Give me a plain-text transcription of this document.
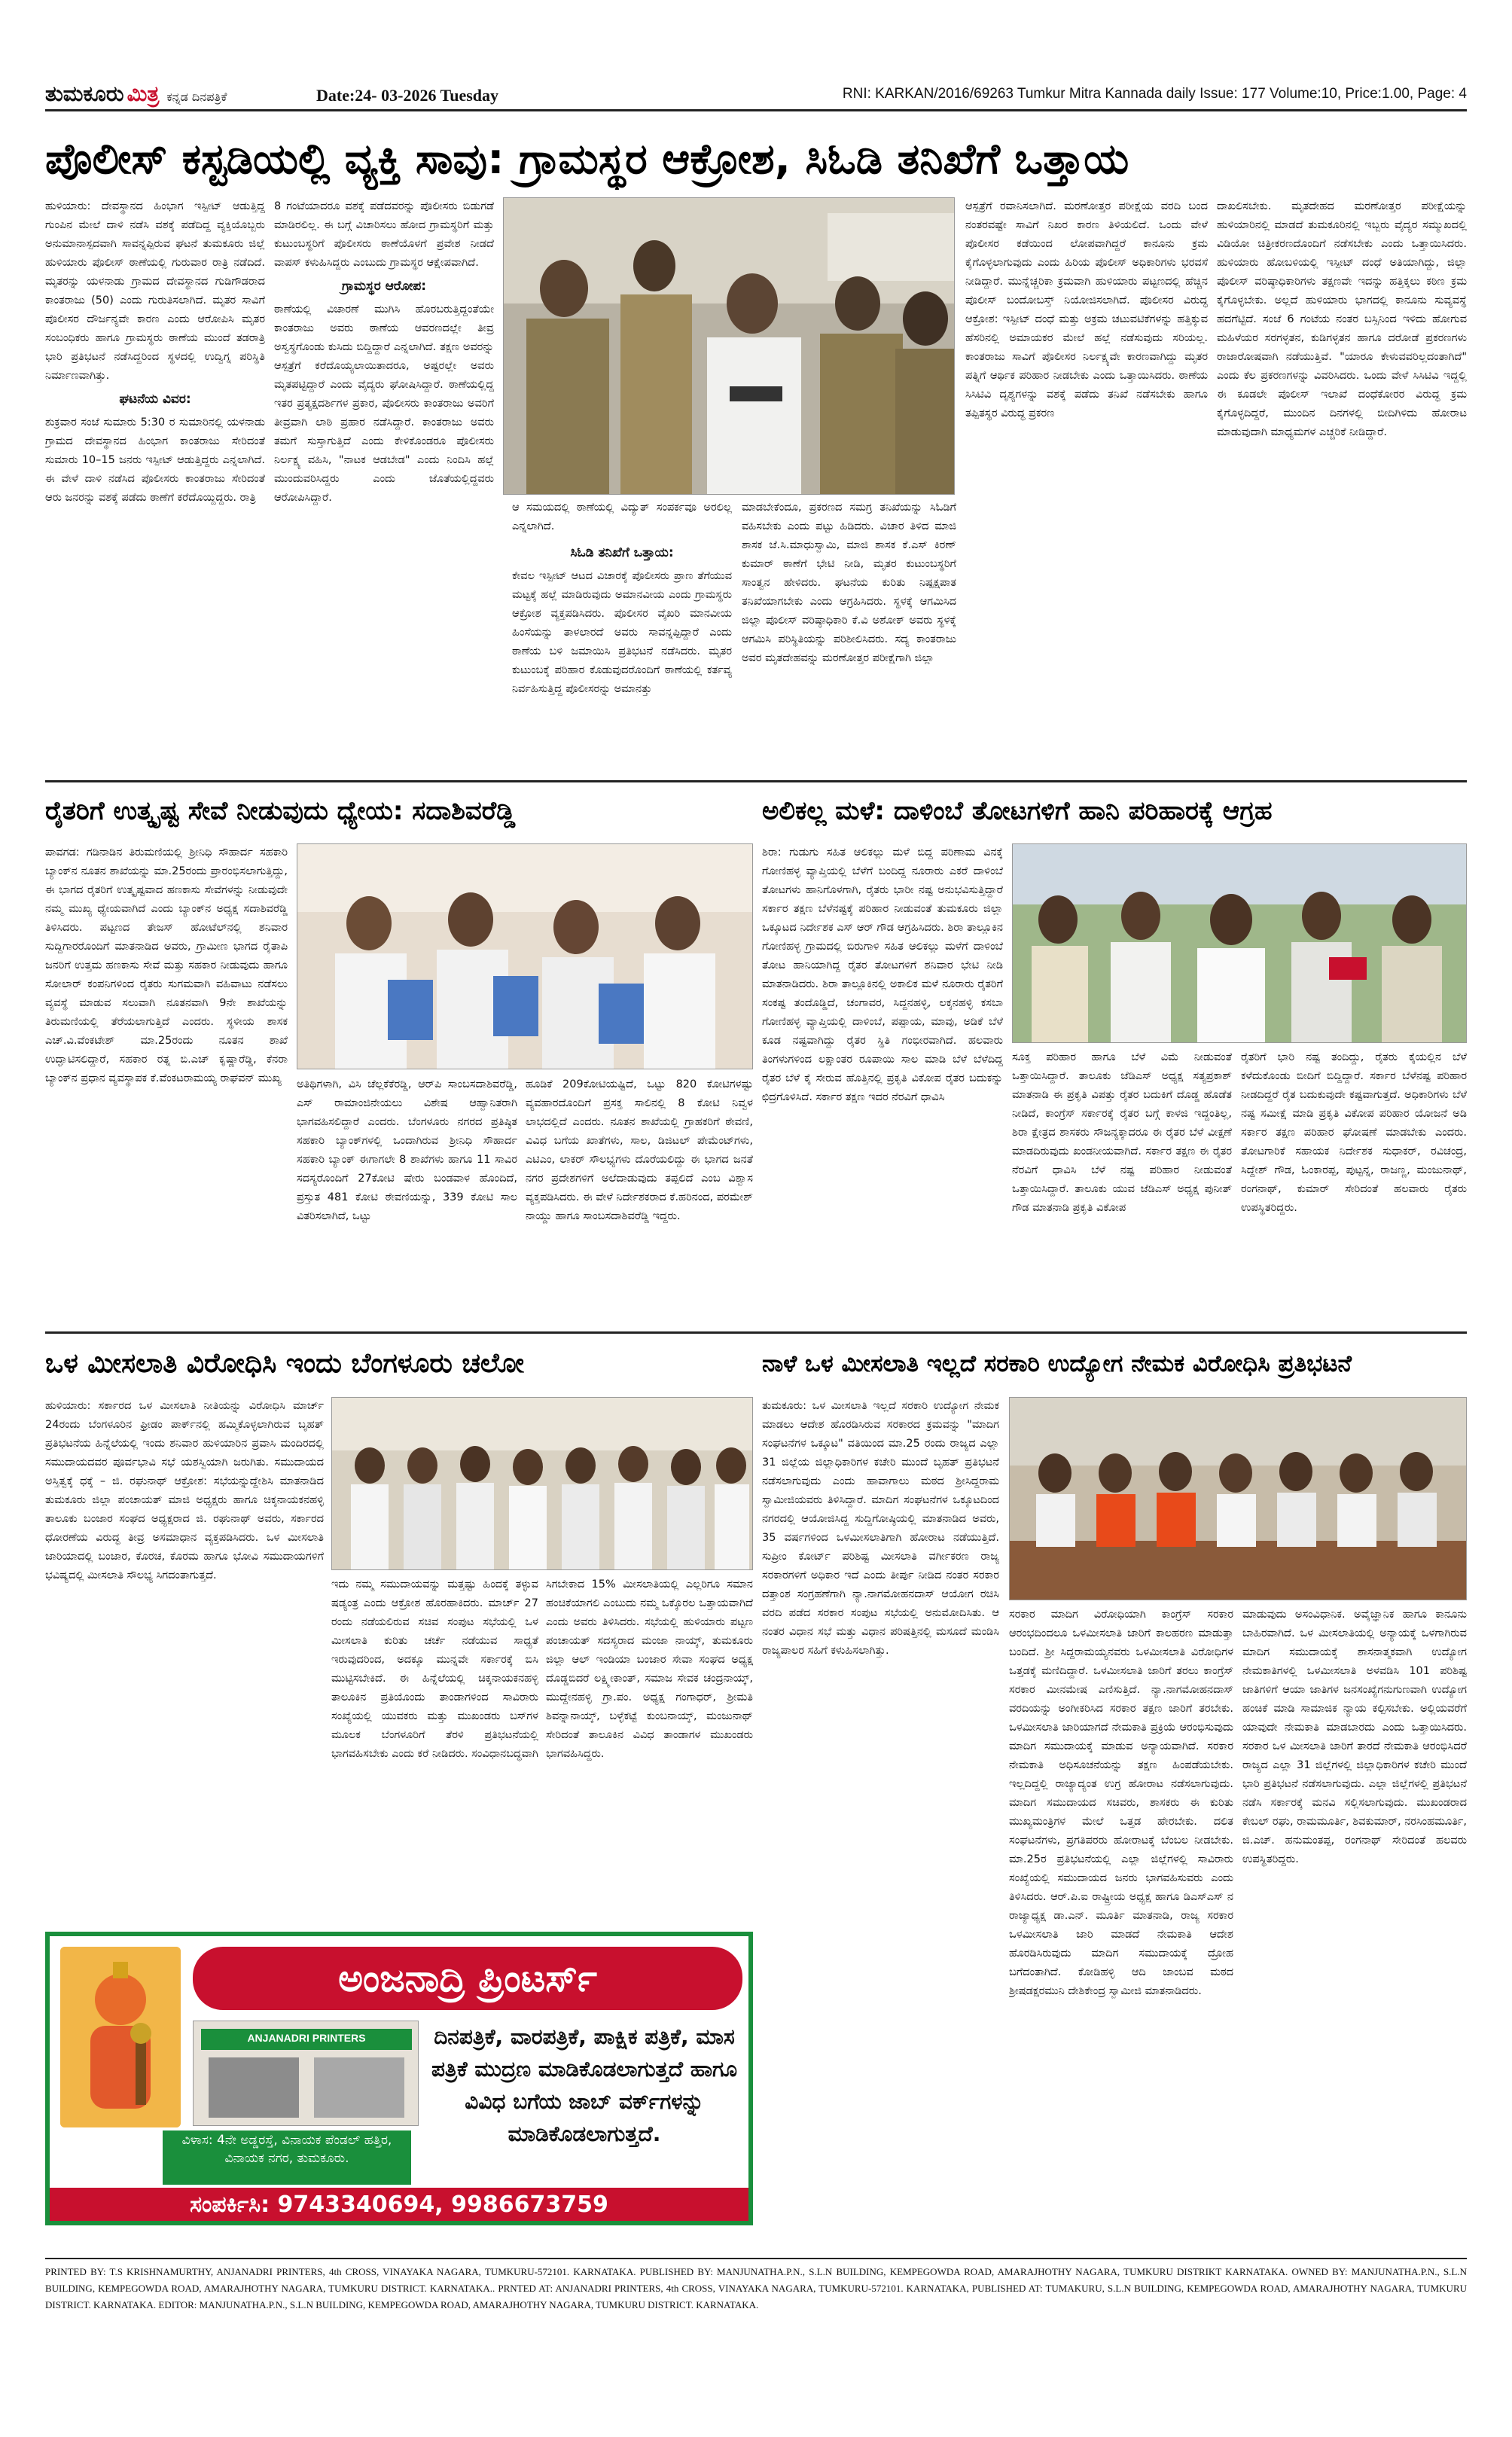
ತುಮಕೂರು ಮಿತ್ರ ಕನ್ನಡ ದಿನಪತ್ರಿಕೆ	Date:24- 03-2026 Tuesday	RNI: KARKAN/2016/69263 Tumkur Mitra Kannada daily Issue: 177 Volume:10, Price:1.00, Page: 4
ಪೊಲೀಸ್ ಕಸ್ಟಡಿಯಲ್ಲಿ ವ್ಯಕ್ತಿ ಸಾವು: ಗ್ರಾಮಸ್ಥರ ಆಕ್ರೋಶ, ಸಿಓಡಿ ತನಿಖೆಗೆ ಒತ್ತಾಯ

ಹುಳಿಯಾರು: ದೇವಸ್ಥಾನದ ಹಿಂಭಾಗ ಇಸ್ಪೀಟ್ ಆಡುತ್ತಿದ್ದ ಗುಂಪಿನ ಮೇಲೆ ದಾಳಿ ನಡೆಸಿ ವಶಕ್ಕೆ ಪಡೆದಿದ್ದ ವ್ಯಕ್ತಿಯೊಬ್ಬರು ಅನುಮಾನಾಸ್ಪದವಾಗಿ ಸಾವನ್ನಪ್ಪಿರುವ ಘಟನೆ ತುಮಕೂರು ಜಿಲ್ಲೆ ಹುಳಿಯಾರು ಪೊಲೀಸ್ ಠಾಣೆಯಲ್ಲಿ ಗುರುವಾರ ರಾತ್ರಿ ನಡೆದಿದೆ. ಮೃತರನ್ನು ಯಳನಾಡು ಗ್ರಾಮದ ದೇವಸ್ಥಾನದ ಗುಡಿಗೌಡರಾದ ಕಾಂತರಾಜು (50) ಎಂದು ಗುರುತಿಸಲಾಗಿದೆ. ಮೃತರ ಸಾವಿಗೆ ಪೊಲೀಸರ ದೌರ್ಜನ್ಯವೇ ಕಾರಣ ಎಂದು ಆರೋಪಿಸಿ ಮೃತರ ಸಂಬಂಧಿಕರು ಹಾಗೂ ಗ್ರಾಮಸ್ಥರು ಠಾಣೆಯ ಮುಂದೆ ತಡರಾತ್ರಿ ಭಾರಿ ಪ್ರತಿಭಟನೆ ನಡೆಸಿದ್ದರಿಂದ ಸ್ಥಳದಲ್ಲಿ ಉದ್ವಿಗ್ನ ಪರಿಸ್ಥಿತಿ ನಿರ್ಮಾಣವಾಗಿತ್ತು.

ಘಟನೆಯ ವಿವರ:

ಶುಕ್ರವಾರ ಸಂಜೆ ಸುಮಾರು 5:30 ರ ಸುಮಾರಿನಲ್ಲಿ ಯಳನಾಡು ಗ್ರಾಮದ ದೇವಸ್ಥಾನದ ಹಿಂಭಾಗ ಕಾಂತರಾಜು ಸೇರಿದಂತೆ ಸುಮಾರು 10–15 ಜನರು ಇಸ್ಪೀಟ್ ಆಡುತ್ತಿದ್ದರು ಎನ್ನಲಾಗಿದೆ. ಈ ವೇಳೆ ದಾಳಿ ನಡೆಸಿದ ಪೊಲೀಸರು ಕಾಂತರಾಜು ಸೇರಿದಂತೆ ಆರು ಜನರನ್ನು ವಶಕ್ಕೆ ಪಡೆದು ಠಾಣೆಗೆ ಕರೆದೊಯ್ದಿದ್ದರು. ರಾತ್ರಿ

8 ಗಂಟೆಯಾದರೂ ವಶಕ್ಕೆ ಪಡೆದವರನ್ನು ಪೊಲೀಸರು ಬಿಡುಗಡೆ ಮಾಡಿರಲಿಲ್ಲ. ಈ ಬಗ್ಗೆ ವಿಚಾರಿಸಲು ಹೋದ ಗ್ರಾಮಸ್ಥರಿಗೆ ಮತ್ತು ಕುಟುಂಬಸ್ಥರಿಗೆ ಪೊಲೀಸರು ಠಾಣೆಯೊಳಗೆ ಪ್ರವೇಶ ನೀಡದೆ ವಾಪಸ್ ಕಳುಹಿಸಿದ್ದರು ಎಂಬುದು ಗ್ರಾಮಸ್ಥರ ಆಕ್ಷೇಪವಾಗಿದೆ.

ಗ್ರಾಮಸ್ಥರ ಆರೋಪ:

ಠಾಣೆಯಲ್ಲಿ ವಿಚಾರಣೆ ಮುಗಿಸಿ ಹೊರಬರುತ್ತಿದ್ದಂತೆಯೇ ಕಾಂತರಾಜು ಅವರು ಠಾಣೆಯ ಆವರಣದಲ್ಲೇ ತೀವ್ರ ಅಸ್ವಸ್ಥಗೊಂಡು ಕುಸಿದು ಬಿದ್ದಿದ್ದಾರೆ ಎನ್ನಲಾಗಿದೆ. ತಕ್ಷಣ ಅವರನ್ನು ಆಸ್ಪತ್ರೆಗೆ ಕರೆದೊಯ್ಯಲಾಯಿತಾದರೂ, ಅಷ್ಟರಲ್ಲೇ ಅವರು ಮೃತಪಟ್ಟಿದ್ದಾರೆ ಎಂದು ವೈದ್ಯರು ಘೋಷಿಸಿದ್ದಾರೆ. ಠಾಣೆಯಲ್ಲಿದ್ದ ಇತರ ಪ್ರತ್ಯಕ್ಷದರ್ಶಿಗಳ ಪ್ರಕಾರ, ಪೊಲೀಸರು ಕಾಂತರಾಜು ಅವರಿಗೆ ತೀವ್ರವಾಗಿ ಲಾಠಿ ಪ್ರಹಾರ ನಡೆಸಿದ್ದಾರೆ. ಕಾಂತರಾಜು ಅವರು ತಮಗೆ ಸುಸ್ತಾಗುತ್ತಿದೆ ಎಂದು ಕೇಳಿಕೊಂಡರೂ ಪೊಲೀಸರು ನಿರ್ಲಕ್ಷ್ಯ ವಹಿಸಿ, "ನಾಟಕ ಆಡಬೇಡ" ಎಂದು ನಿಂದಿಸಿ ಹಲ್ಲೆ ಮುಂದುವರಿಸಿದ್ದರು ಎಂದು ಜೊತೆಯಲ್ಲಿದ್ದವರು ಆರೋಪಿಸಿದ್ದಾರೆ.

ಆ ಸಮಯದಲ್ಲಿ ಠಾಣೆಯಲ್ಲಿ ವಿದ್ಯುತ್ ಸಂಪರ್ಕವೂ ಅರಲಿಲ್ಲ ಎನ್ನಲಾಗಿದೆ.
ಸಿಓಡಿ ತನಿಖೆಗೆ ಒತ್ತಾಯ:

ಕೇವಲ ಇಸ್ಪೀಟ್ ಆಟದ ವಿಚಾರಕ್ಕೆ ಪೊಲೀಸರು ಪ್ರಾಣ ತೆಗೆಯುವ ಮಟ್ಟಕ್ಕೆ ಹಲ್ಲೆ ಮಾಡಿರುವುದು ಅಮಾನವೀಯ ಎಂದು ಗ್ರಾಮಸ್ಥರು ಆಕ್ರೋಶ ವ್ಯಕ್ತಪಡಿಸಿದರು. ಪೊಲೀಸರ ವೈಖರಿ ಮಾನವೀಯ ಹಿಂಸೆಯನ್ನು ತಾಳಲಾರದೆ ಅವರು ಸಾವನ್ನಪ್ಪಿದ್ದಾರೆ ಎಂದು ಠಾಣೆಯ ಬಳಿ ಜಮಾಯಿಸಿ ಪ್ರತಿಭಟನೆ ನಡೆಸಿದರು. ಮೃತರ ಕುಟುಂಬಕ್ಕೆ ಪರಿಹಾರ ಕೊಡುವುದರೊಂದಿಗೆ ಠಾಣೆಯಲ್ಲಿ ಕರ್ತವ್ಯ ನಿರ್ವಹಿಸುತ್ತಿದ್ದ ಪೊಲೀಸರನ್ನು ಅಮಾನತ್ತು

ಮಾಡಬೇಕೆಂದೂ, ಪ್ರಕರಣದ ಸಮಗ್ರ ತನಿಖೆಯನ್ನು ಸಿಓಡಿಗೆ ವಹಿಸಬೇಕು ಎಂದು ಪಟ್ಟು ಹಿಡಿದರು. ವಿಚಾರ ತಿಳಿದ ಮಾಜಿ ಶಾಸಕ ಜೆ.ಸಿ.ಮಾಧುಸ್ವಾಮಿ, ಮಾಜಿ ಶಾಸಕ ಕೆ.ಎಸ್ ಕಿರಣ್ ಕುಮಾರ್ ಠಾಣೆಗೆ ಭೇಟಿ ನೀಡಿ, ಮೃತರ ಕುಟುಂಬಸ್ಥರಿಗೆ ಸಾಂತ್ವನ ಹೇಳಿದರು. ಘಟನೆಯ ಕುರಿತು ನಿಷ್ಪಕ್ಷಪಾತ ತನಿಖೆಯಾಗಬೇಕು ಎಂದು ಆಗ್ರಹಿಸಿದರು. ಸ್ಥಳಕ್ಕೆ ಆಗಮಿಸಿದ ಜಿಲ್ಲಾ ಪೊಲೀಸ್ ವರಿಷ್ಠಾಧಿಕಾರಿ ಕೆ.ವಿ ಅಶೋಕ್ ಅವರು ಸ್ಥಳಕ್ಕೆ ಆಗಮಿಸಿ ಪರಿಸ್ಥಿತಿಯನ್ನು ಪರಿಶೀಲಿಸಿದರು. ಸದ್ಯ ಕಾಂತರಾಜು ಅವರ ಮೃತದೇಹವನ್ನು ಮರಣೋತ್ತರ ಪರೀಕ್ಷೆಗಾಗಿ ಜಿಲ್ಲಾ

ಆಸ್ಪತ್ರೆಗೆ ರವಾನಿಸಲಾಗಿದೆ. ಮರಣೋತ್ತರ ಪರೀಕ್ಷೆಯ ವರದಿ ಬಂದ ನಂತರವಷ್ಟೇ ಸಾವಿಗೆ ನಿಖರ ಕಾರಣ ತಿಳಿಯಲಿದೆ. ಒಂದು ವೇಳೆ ಪೊಲೀಸರ ಕಡೆಯಿಂದ ಲೋಪವಾಗಿದ್ದರೆ ಕಾನೂನು ಕ್ರಮ ಕೈಗೊಳ್ಳಲಾಗುವುದು ಎಂದು ಹಿರಿಯ ಪೊಲೀಸ್ ಅಧಿಕಾರಿಗಳು ಭರವಸೆ ನೀಡಿದ್ದಾರೆ. ಮುನ್ನೆಚ್ಚರಿಕಾ ಕ್ರಮವಾಗಿ ಹುಳಿಯಾರು ಪಟ್ಟಣದಲ್ಲಿ ಹೆಚ್ಚಿನ ಪೊಲೀಸ್ ಬಂದೋಬಸ್ತ್ ನಿಯೋಜಿಸಲಾಗಿದೆ. ಪೊಲೀಸರ ವಿರುದ್ಧ ಆಕ್ರೋಶ: ಇಸ್ಪೀಟ್ ದಂಧೆ ಮತ್ತು ಅಕ್ರಮ ಚಟುವಟಿಕೆಗಳನ್ನು ಹತ್ತಿಕ್ಕುವ ಹೆಸರಿನಲ್ಲಿ ಅಮಾಯಕರ ಮೇಲೆ ಹಲ್ಲೆ ನಡೆಸುವುದು ಸರಿಯಲ್ಲ. ಕಾಂತರಾಜು ಸಾವಿಗೆ ಪೊಲೀಸರ ನಿರ್ಲಕ್ಷ್ಯವೇ ಕಾರಣವಾಗಿದ್ದು ಮೃತರ ಪತ್ನಿಗೆ ಆರ್ಥಿಕ ಪರಿಹಾರ ನೀಡಬೇಕು ಎಂದು ಒತ್ತಾಯಿಸಿದರು. ಠಾಣೆಯ ಸಿಸಿಟಿವಿ ದೃಶ್ಯಗಳನ್ನು ವಶಕ್ಕೆ ಪಡೆದು ತನಿಖೆ ನಡೆಸಬೇಕು ಹಾಗೂ ತಪ್ಪಿತಸ್ಥರ ವಿರುದ್ಧ ಪ್ರಕರಣ

ದಾಖಲಿಸಬೇಕು. ಮೃತದೇಹದ ಮರಣೋತ್ತರ ಪರೀಕ್ಷೆಯನ್ನು ಹುಳಿಯಾರಿನಲ್ಲಿ ಮಾಡದೆ ತುಮಕೂರಿನಲ್ಲಿ ಇಬ್ಬರು ವೈದ್ಯರ ಸಮ್ಮುಖದಲ್ಲಿ ವಿಡಿಯೋ ಚಿತ್ರೀಕರಣದೊಂದಿಗೆ ನಡೆಸಬೇಕು ಎಂದು ಒತ್ತಾಯಿಸಿದರು. ಹುಳಿಯಾರು ಹೋಬಳಿಯಲ್ಲಿ ಇಸ್ಪೀಟ್ ದಂಧೆ ಅತಿಯಾಗಿದ್ದು, ಜಿಲ್ಲಾ ಪೊಲೀಸ್ ವರಿಷ್ಠಾಧಿಕಾರಿಗಳು ತಕ್ಷಣವೇ ಇದನ್ನು ಹತ್ತಿಕ್ಕಲು ಕಠಿಣ ಕ್ರಮ ಕೈಗೊಳ್ಳಬೇಕು. ಅಲ್ಲದೆ ಹುಳಿಯಾರು ಭಾಗದಲ್ಲಿ ಕಾನೂನು ಸುವ್ಯವಸ್ಥೆ ಹದಗೆಟ್ಟಿದೆ. ಸಂಜೆ 6 ಗಂಟೆಯ ನಂತರ ಬಸ್ಸಿನಿಂದ ಇಳಿದು ಹೋಗುವ ಮಹಿಳೆಯರ ಸರಗಳ್ಳತನ, ಕುಡಿಗಳ್ಳತನ ಹಾಗೂ ದರೋಡೆ ಪ್ರಕರಣಗಳು ರಾಜಾರೋಷವಾಗಿ ನಡೆಯುತ್ತಿವೆ. "ಯಾರೂ ಕೇಳುವವರಿಲ್ಲದಂತಾಗಿದೆ" ಎಂದು ಕೆಲ ಪ್ರಕರಣಗಳನ್ನು ವಿವರಿಸಿದರು. ಒಂದು ವೇಳೆ ಸಿಸಿಟಿವಿ ಇದ್ದಲ್ಲಿ ಈ ಕೂಡಲೇ ಪೊಲೀಸ್ ಇಲಾಖೆ ದಂಧೆಕೋರರ ವಿರುದ್ಧ ಕ್ರಮ ಕೈಗೊಳ್ಳದಿದ್ದರೆ, ಮುಂದಿನ ದಿನಗಳಲ್ಲಿ ಬೀದಿಗಿಳಿದು ಹೋರಾಟ ಮಾಡುವುದಾಗಿ ಮಾಧ್ಯಮಗಳ ಎಚ್ಚರಿಕೆ ನೀಡಿದ್ದಾರೆ.

ರೈತರಿಗೆ ಉತ್ಕೃಷ್ಟ ಸೇವೆ ನೀಡುವುದು ಧ್ಯೇಯ: ಸದಾಶಿವರೆಡ್ಡಿ

ಪಾವಗಡ: ಗಡಿನಾಡಿನ ತಿರುಮಣಿಯಲ್ಲಿ ಶ್ರೀನಿಧಿ ಸೌಹಾರ್ದ ಸಹಕಾರಿ ಬ್ಯಾಂಕ್‌ನ ನೂತನ ಶಾಖೆಯನ್ನು ಮಾ.25ರಂದು ಪ್ರಾರಂಭಿಸಲಾಗುತ್ತಿದ್ದು, ಈ ಭಾಗದ ರೈತರಿಗೆ ಉತ್ಕೃಷ್ಟವಾದ ಹಣಕಾಸು ಸೇವೆಗಳನ್ನು ನೀಡುವುದೇ ನಮ್ಮ ಮುಖ್ಯ ಧ್ಯೇಯವಾಗಿದೆ ಎಂದು ಬ್ಯಾಂಕ್‌ನ ಅಧ್ಯಕ್ಷ ಸದಾಶಿವರೆಡ್ಡಿ ತಿಳಿಸಿದರು. ಪಟ್ಟಣದ ತೇಜಸ್ ಹೋಟೆಲ್‌ನಲ್ಲಿ ಶನಿವಾರ ಸುದ್ದಿಗಾರರೊಂದಿಗೆ ಮಾತನಾಡಿದ ಅವರು, ಗ್ರಾಮೀಣ ಭಾಗದ ರೈತಾಪಿ ಜನರಿಗೆ ಉತ್ತಮ ಹಣಕಾಸು ಸೇವೆ ಮತ್ತು ಸಹಕಾರ ನೀಡುವುದು ಹಾಗೂ ಸೋಲಾರ್ ಕಂಪನಿಗಳಿಂದ ರೈತರು ಸುಗಮವಾಗಿ ವಹಿವಾಟು ನಡೆಸಲು ವ್ಯವಸ್ಥೆ ಮಾಡುವ ಸಲುವಾಗಿ ನೂತನವಾಗಿ 9ನೇ ಶಾಖೆಯನ್ನು ತಿರುಮಣಿಯಲ್ಲಿ ತೆರೆಯಲಾಗುತ್ತಿದೆ ಎಂದರು. ಸ್ಥಳೀಯ ಶಾಸಕ ಎಚ್.ವಿ.ವೆಂಕಟೇಶ್ ಮಾ.25ರಂದು ನೂತನ ಶಾಖೆ ಉದ್ಘಾಟಿಸಲಿದ್ದಾರೆ, ಸಹಕಾರ ರತ್ನ ಬಿ.ಎಚ್ ಕೃಷ್ಣಾರೆಡ್ಡಿ, ಕೆನರಾ ಬ್ಯಾಂಕ್‌ನ ಪ್ರಧಾನ ವ್ಯವಸ್ಥಾಪಕ ಕೆ.ವೆಂಕಟರಾಮಯ್ಯ ರಾಘವನ್ ಮುಖ್ಯ	ಅತಿಥಿಗಳಾಗಿ, ವಿಸಿ ಚೆಲ್ಲಕೆಕೆರಡ್ಡಿ, ಆರ್‌ಪಿ ಸಾಂಬಸದಾಶಿವರೆಡ್ಡಿ, ಎಸ್ ರಾಮಾಂಜಿನೇಯಲು ವಿಶೇಷ ಆಹ್ವಾನಿತರಾಗಿ ಭಾಗವಹಿಸಲಿದ್ದಾರೆ ಎಂದರು. ಬೆಂಗಳೂರು ನಗರದ ಪ್ರತಿಷ್ಠಿತ ಸಹಕಾರಿ ಬ್ಯಾಂಕ್‌ಗಳಲ್ಲಿ ಒಂದಾಗಿರುವ ಶ್ರೀನಿಧಿ ಸೌಹಾರ್ದ ಸಹಕಾರಿ ಬ್ಯಾಂಕ್ ಈಗಾಗಲೇ 8 ಶಾಖೆಗಳು ಹಾಗೂ 11 ಸಾವಿರ ಸದಸ್ಯರೊಂದಿಗೆ 27ಕೋಟಿ ಷೇರು ಬಂಡವಾಳ ಹೊಂದಿದೆ, ಪ್ರಸ್ತುತ 481 ಕೋಟಿ ಠೇವಣಿಯನ್ನು, 339 ಕೋಟಿ ಸಾಲ ವಿತರಿಸಲಾಗಿದೆ, ಒಟ್ಟು

ಹೂಡಿಕೆ 209ಕೋಟಿಯಷ್ಟಿದೆ, ಒಟ್ಟು 820 ಕೋಟಿಗಳಷ್ಟು ವ್ಯವಹಾರದೊಂದಿಗೆ ಪ್ರಸಕ್ತ ಸಾಲಿನಲ್ಲಿ 8 ಕೋಟಿ ನಿವ್ವಳ ಲಾಭದಲ್ಲಿದೆ ಎಂದರು. ನೂತನ ಶಾಖೆಯಲ್ಲಿ ಗ್ರಾಹಕರಿಗೆ ಠೇವಣಿ, ವಿವಿಧ ಬಗೆಯ ಖಾತೆಗಳು, ಸಾಲ, ಡಿಜಿಟಲ್ ಪೇಮೆಂಟ್‌ಗಳು, ಎಟಿಎಂ, ಲಾಕರ್ ಸೌಲಭ್ಯಗಳು ದೊರೆಯಲಿದ್ದು ಈ ಭಾಗದ ಜನತೆ ನಗರ ಪ್ರದೇಶಗಳಿಗೆ ಅಲೆದಾಡುವುದು ತಪ್ಪಲಿದೆ ಎಂಬ ವಿಶ್ವಾಸ ವ್ಯಕ್ತಪಡಿಸಿದರು. ಈ ವೇಳೆ ನಿರ್ದೇಶಕರಾದ ಕೆ.ಹರಿನಂದ, ಪರಮೇಶ್ ನಾಯ್ಡು ಹಾಗೂ ಸಾಂಬಸದಾಶಿವರೆಡ್ಡಿ ಇದ್ದರು.

ಅಲಿಕಲ್ಲ ಮಳೆ: ದಾಳಿಂಬೆ ತೋಟಗಳಿಗೆ ಹಾನಿ ಪರಿಹಾರಕ್ಕೆ ಆಗ್ರಹ

ಶಿರಾ: ಗುಡುಗು ಸಹಿತ ಆಲಿಕಲ್ಲು ಮಳೆ ಬಿದ್ದ ಪರಿಣಾಮ ವಿನಕ್ಕೆ ಗೋಣಿಹಳ್ಳ ವ್ಯಾಪ್ತಿಯಲ್ಲಿ ಬೆಳೆಗೆ ಬಂದಿದ್ದ ನೂರಾರು ಎಕರೆ ದಾಳಿಂಬೆ ತೋಟಗಳು ಹಾನಿಗೊಳಗಾಗಿ, ರೈತರು ಭಾರೀ ನಷ್ಟ ಅನುಭವಿಸುತ್ತಿದ್ದಾರೆ ಸರ್ಕಾರ ತಕ್ಷಣ ಬೆಳೆನಷ್ಟಕ್ಕೆ ಪರಿಹಾರ ನೀಡುವಂತೆ ತುಮಕೂರು ಜಿಲ್ಲಾ ಒಕ್ಕೂಟದ ನಿರ್ದೇಶಕ ಎಸ್ ಆರ್ ಗೌಡ ಆಗ್ರಹಿಸಿದರು. ಶಿರಾ ತಾಲ್ಲೂಕಿನ ಗೋಣಿಹಳ್ಳ ಗ್ರಾಮದಲ್ಲಿ ಬಿರುಗಾಳಿ ಸಹಿತ ಆಲಿಕಲ್ಲು ಮಳೆಗೆ ದಾಳಿಂಬೆ ತೋಟ ಹಾನಿಯಾಗಿದ್ದ ರೈತರ ತೋಟಗಳಿಗೆ ಶನಿವಾರ ಭೇಟಿ ನೀಡಿ ಮಾತನಾಡಿದರು. ಶಿರಾ ತಾಲ್ಲೂಕಿನಲ್ಲಿ ಅಕಾಲಿಕ ಮಳೆ ನೂರಾರು ರೈತರಿಗೆ ಸಂಕಷ್ಟ ತಂದೊಡ್ಡಿದೆ, ಚಂಗಾವರ, ಸಿದ್ದನಹಳ್ಳಿ, ಲಕ್ಕನಹಳ್ಳಿ ಕಸಬಾ ಗೋಣಿಹಳ್ಳ ವ್ಯಾಪ್ತಿಯಲ್ಲಿ ದಾಳಿಂಬೆ, ಪಪ್ಪಾಯ, ಮಾವು, ಅಡಿಕೆ ಬೆಳೆ ಕೂಡ ನಷ್ಟವಾಗಿದ್ದು ರೈತರ ಸ್ಥಿತಿ ಗಂಭೀರವಾಗಿದೆ. ಹಲವಾರು ತಿಂಗಳುಗಳಿಂದ ಲಕ್ಷಾಂತರ ರೂಪಾಯಿ ಸಾಲ ಮಾಡಿ ಬೆಳೆ ಬೆಳೆದಿದ್ದ ರೈತರ ಬೆಳೆ ಕೈ ಸೇರುವ ಹೊತ್ತಿನಲ್ಲಿ ಪ್ರಕೃತಿ ವಿಕೋಪ ರೈತರ ಬದುಕನ್ನು ಛಿದ್ರಗೊಳಿಸಿದೆ. ಸರ್ಕಾರ ತಕ್ಷಣ ಇದರ ನೆರವಿಗೆ ಧಾವಿಸಿ

ಸೂಕ್ತ ಪರಿಹಾರ ಹಾಗೂ ಬೆಳೆ ವಿಮೆ ನೀಡುವಂತೆ ಒತ್ತಾಯಿಸಿದ್ದಾರೆ. ತಾಲೂಕು ಜೆಡಿಎಸ್ ಅಧ್ಯಕ್ಷ ಸತ್ಯಪ್ರಕಾಶ್ ಮಾತನಾಡಿ ಈ ಪ್ರಕೃತಿ ವಿಪತ್ತು ರೈತರ ಬದುಕಿಗೆ ದೊಡ್ಡ ಹೊಡೆತ ನೀಡಿದೆ, ಕಾಂಗ್ರೆಸ್ ಸರ್ಕಾರಕ್ಕೆ ರೈತರ ಬಗ್ಗೆ ಕಾಳಜಿ ಇದ್ದಂತಿಲ್ಲ, ಶಿರಾ ಕ್ಷೇತ್ರದ ಶಾಸಕರು ಸೌಜನ್ಯಕ್ಕಾದರೂ ಈ ರೈತರ ಬೆಳೆ ವೀಕ್ಷಣೆ ಮಾಡದಿರುವುದು ಖಂಡನೀಯವಾಗಿದೆ. ಸರ್ಕಾರ ತಕ್ಷಣ ಈ ರೈತರ ನೆರವಿಗೆ ಧಾವಿಸಿ ಬೆಳೆ ನಷ್ಟ ಪರಿಹಾರ ನೀಡುವಂತೆ ಒತ್ತಾಯಿಸಿದ್ದಾರೆ. ತಾಲೂಕು ಯುವ ಜೆಡಿಎಸ್ ಅಧ್ಯಕ್ಷ ಪುನೀತ್ ಗೌಡ ಮಾತನಾಡಿ ಪ್ರಕೃತಿ ವಿಕೋಪ

ರೈತರಿಗೆ ಭಾರಿ ನಷ್ಟ ತಂದಿದ್ದು, ರೈತರು ಕೈಯಲ್ಲಿನ ಬೆಳೆ ಕಳೆದುಕೊಂಡು ಬೀದಿಗೆ ಬಿದ್ದಿದ್ದಾರೆ. ಸರ್ಕಾರ ಬೆಳೆನಷ್ಟ ಪರಿಹಾರ ನೀಡದಿದ್ದರೆ ರೈತ ಬದುಕುವುದೇ ಕಷ್ಟವಾಗುತ್ತದೆ. ಅಧಿಕಾರಿಗಳು ಬೆಳೆ ನಷ್ಟ ಸಮೀಕ್ಷೆ ಮಾಡಿ ಪ್ರಕೃತಿ ವಿಕೋಪ ಪರಿಹಾರ ಯೋಜನೆ ಅಡಿ ಸರ್ಕಾರ ತಕ್ಷಣ ಪರಿಹಾರ ಘೋಷಣೆ ಮಾಡಬೇಕು ಎಂದರು. ತೋಟಗಾರಿಕೆ ಸಹಾಯಕ ನಿರ್ದೇಶಕ ಸುಧಾಕರ್, ರವಿಚಂದ್ರ, ಸಿದ್ದೇಶ್ ಗೌಡ, ಓಂಕಾರಪ್ಪ, ಪುಟ್ಟನ್ನ, ರಾಜಣ್ಣ, ಮಂಜುನಾಥ್, ರಂಗನಾಥ್, ಕುಮಾರ್ ಸೇರಿದಂತೆ ಹಲವಾರು ರೈತರು ಉಪಸ್ಥಿತರಿದ್ದರು.

ಒಳ ಮೀಸಲಾತಿ ವಿರೋಧಿಸಿ ಇಂದು ಬೆಂಗಳೂರು ಚಲೋ

ಹುಳಿಯಾರು: ಸರ್ಕಾರದ ಒಳ ಮೀಸಲಾತಿ ನೀತಿಯನ್ನು ವಿರೋಧಿಸಿ ಮಾರ್ಚ್ 24ರಂದು ಬೆಂಗಳೂರಿನ ಫ್ರೀಡಂ ಪಾರ್ಕ್‌ನಲ್ಲಿ ಹಮ್ಮಿಕೊಳ್ಳಲಾಗಿರುವ ಬೃಹತ್ ಪ್ರತಿಭಟನೆಯ ಹಿನ್ನೆಲೆಯಲ್ಲಿ ಇಂದು ಶನಿವಾರ ಹುಳಿಯಾರಿನ ಪ್ರವಾಸಿ ಮಂದಿರದಲ್ಲಿ ಸಮುದಾಯದವರ ಪೂರ್ವಭಾವಿ ಸಭೆ ಯಶಸ್ವಿಯಾಗಿ ಜರುಗಿತು. ಸಮುದಾಯದ ಅಸ್ತಿತ್ವಕ್ಕೆ ಧಕ್ಕೆ – ಜಿ. ರಘುನಾಥ್ ಆಕ್ರೋಶ: ಸಭೆಯನ್ನುದ್ದೇಶಿಸಿ ಮಾತನಾಡಿದ ತುಮಕೂರು ಜಿಲ್ಲಾ ಪಂಚಾಯತ್ ಮಾಜಿ ಅಧ್ಯಕ್ಷರು ಹಾಗೂ ಚಿಕ್ಕನಾಯಕನಹಳ್ಳಿ ತಾಲೂಕು ಬಂಜಾರ ಸಂಘದ ಅಧ್ಯಕ್ಷರಾದ ಜಿ. ರಘುನಾಥ್ ಅವರು, ಸರ್ಕಾರದ ಧೋರಣೆಯ ವಿರುದ್ಧ ತೀವ್ರ ಅಸಮಾಧಾನ ವ್ಯಕ್ತಪಡಿಸಿದರು. ಒಳ ಮೀಸಲಾತಿ ಜಾರಿಯಾದಲ್ಲಿ ಬಂಜಾರ, ಕೊರಚ, ಕೊರಮ ಹಾಗೂ ಭೋವಿ ಸಮುದಾಯಗಳಿಗೆ ಭವಿಷ್ಯದಲ್ಲಿ ಮೀಸಲಾತಿ ಸೌಲಭ್ಯ ಸಿಗದಂತಾಗುತ್ತದೆ.

ಇದು ನಮ್ಮ ಸಮುದಾಯವನ್ನು ಮತ್ತಷ್ಟು ಹಿಂದಕ್ಕೆ ತಳ್ಳುವ ಷಡ್ಯಂತ್ರ ಎಂದು ಆಕ್ರೋಶ ಹೊರಹಾಕಿದರು. ಮಾರ್ಚ್ 27 ರಂದು ನಡೆಯಲಿರುವ ಸಚಿವ ಸಂಪುಟ ಸಭೆಯಲ್ಲಿ ಒಳ ಮೀಸಲಾತಿ ಕುರಿತು ಚರ್ಚೆ ನಡೆಯುವ ಸಾಧ್ಯತೆ ಇರುವುದರಿಂದ, ಅದಕ್ಕೂ ಮುನ್ನವೇ ಸರ್ಕಾರಕ್ಕೆ ಬಿಸಿ ಮುಟ್ಟಿಸಬೇಕಿದೆ. ಈ ಹಿನ್ನೆಲೆಯಲ್ಲಿ ಚಿಕ್ಕನಾಯಕನಹಳ್ಳಿ ತಾಲೂಕಿನ ಪ್ರತಿಯೊಂದು ತಾಂಡಾಗಳಿಂದ ಸಾವಿರಾರು ಸಂಖ್ಯೆಯಲ್ಲಿ ಯುವಕರು ಮತ್ತು ಮುಖಂಡರು ಬಸ್‌ಗಳ ಮೂಲಕ ಬೆಂಗಳೂರಿಗೆ ತೆರಳಿ ಪ್ರತಿಭಟನೆಯಲ್ಲಿ ಭಾಗವಹಿಸಬೇಕು ಎಂದು ಕರೆ ನೀಡಿದರು. ಸಂವಿಧಾನಬದ್ಧವಾಗಿ

ಸಿಗಬೇಕಾದ 15% ಮೀಸಲಾತಿಯಲ್ಲಿ ಎಲ್ಲರಿಗೂ ಸಮಾನ ಹಂಚಿಕೆಯಾಗಲಿ ಎಂಬುದು ನಮ್ಮ ಒಕ್ಕೊರಲ ಒತ್ತಾಯವಾಗಿದೆ ಎಂದು ಅವರು ತಿಳಿಸಿದರು. ಸಭೆಯಲ್ಲಿ ಹುಳಿಯಾರು ಪಟ್ಟಣ ಪಂಚಾಯತ್ ಸದಸ್ಯರಾದ ಮಂಜಾ ನಾಯ್ಕ್, ತುಮಕೂರು ಜಿಲ್ಲಾ ಆಲ್ ಇಂಡಿಯಾ ಬಂಜಾರ ಸೇವಾ ಸಂಘದ ಅಧ್ಯಕ್ಷ ದೊಡ್ಡಬಿದರೆ ಲಕ್ಷ್ಮೀಕಾಂತ್, ಸಮಾಜ ಸೇವಕ ಚಂದ್ರನಾಯ್ಕ್, ಮುದ್ದೇನಹಳ್ಳಿ ಗ್ರಾ.ಪಂ. ಅಧ್ಯಕ್ಷ ಗಂಗಾಧರ್, ಶ್ರೀಮತಿ ಶಿವನ್ನಾನಾಯ್ಕ್, ಬಳ್ಳೆಕಟ್ಟೆ ಕುಂಬನಾಯ್ಕ್, ಮಂಜುನಾಥ್ ಸೇರಿದಂತೆ ತಾಲೂಕಿನ ವಿವಿಧ ತಾಂಡಾಗಳ ಮುಖಂಡರು ಭಾಗವಹಿಸಿದ್ದರು.

ನಾಳೆ ಒಳ ಮೀಸಲಾತಿ ಇಲ್ಲದೆ ಸರಕಾರಿ ಉದ್ಯೋಗ ನೇಮಕ ವಿರೋಧಿಸಿ ಪ್ರತಿಭಟನೆ

ತುಮಕೂರು: ಒಳ ಮೀಸಲಾತಿ ಇಲ್ಲದೆ ಸರಕಾರಿ ಉದ್ಯೋಗ ನೇಮಕ ಮಾಡಲು ಆದೇಶ ಹೊರಡಿಸಿರುವ ಸರಕಾರದ ಕ್ರಮವನ್ನು "ಮಾದಿಗ ಸಂಘಟನೆಗಳ ಒಕ್ಕೂಟ" ವತಿಯಿಂದ ಮಾ.25 ರಂದು ರಾಜ್ಯದ ಎಲ್ಲಾ 31 ಜಿಲ್ಲೆಯ ಜಿಲ್ಲಾಧಿಕಾರಿಗಳ ಕಚೇರಿ ಮುಂದೆ ಬೃಹತ್ ಪ್ರತಿಭಟನೆ ನಡೆಸಲಾಗುವುದು ಎಂದು ಹಾವಾಗಾಲು ಮಠದ ಶ್ರೀಸಿದ್ದರಾಮ ಸ್ವಾಮೀಜಿಯವರು ತಿಳಿಸಿದ್ದಾರೆ. ಮಾದಿಗ ಸಂಘಟನೆಗಳ ಒಕ್ಕೂಟದಿಂದ ನಗರದಲ್ಲಿ ಆಯೋಜಿಸಿದ್ದ ಸುದ್ದಿಗೋಷ್ಠಿಯಲ್ಲಿ ಮಾತನಾಡಿದ ಅವರು, 35 ವರ್ಷಗಳಿಂದ ಒಳಮೀಸಲಾತಿಗಾಗಿ ಹೋರಾಟ ನಡೆಯುತ್ತಿದೆ. ಸುಪ್ರೀಂ ಕೋರ್ಟ್ ಪರಿಶಿಷ್ಟ ಮೀಸಲಾತಿ ವರ್ಗೀಕರಣ ರಾಜ್ಯ ಸರಕಾರಗಳಿಗೆ ಅಧಿಕಾರ ಇದೆ ಎಂದು ತೀರ್ಪು ನೀಡಿದ ನಂತರ ಸರಕಾರ ದತ್ತಾಂಶ ಸಂಗ್ರಹಣೆಗಾಗಿ ನ್ಯಾ.ನಾಗಮೋಹನದಾಸ್ ಆಯೋಗ ರಚಿಸಿ ವರದಿ ಪಡೆದ ಸರಕಾರ ಸಂಪುಟ ಸಭೆಯಲ್ಲಿ ಅನುಮೋದಿಸಿತು. ಆ ನಂತರ ವಿಧಾನ ಸಭೆ ಮತ್ತು ವಿಧಾನ ಪರಿಷತ್ತಿನಲ್ಲಿ ಮಸೂದೆ ಮಂಡಿಸಿ ರಾಜ್ಯಪಾಲರ ಸಹಿಗೆ ಕಳುಹಿಸಲಾಗಿತ್ತು.

ಸರಕಾರ ಮಾದಿಗ ವಿರೋಧಿಯಾಗಿ ಕಾಂಗ್ರೆಸ್ ಸರಕಾರ ಆರಂಭದಿಂದಲೂ ಒಳಮೀಸಲಾತಿ ಜಾರಿಗೆ ಕಾಲಹರಣ ಮಾಡುತ್ತಾ ಬಂದಿದೆ. ಶ್ರೀ ಸಿದ್ದರಾಮಯ್ಯನವರು ಒಳಮೀಸಲಾತಿ ವಿರೋಧಿಗಳ ಒತ್ತಡಕ್ಕೆ ಮಣಿದಿದ್ದಾರೆ. ಒಳಮೀಸಲಾತಿ ಜಾರಿಗೆ ತರಲು ಕಾಂಗ್ರೆಸ್ ಸರಕಾರ ಮೀನಮೇಷ ಎಣಿಸುತ್ತಿದೆ. ನ್ಯಾ.ನಾಗಮೋಹನದಾಸ್ ವರದಿಯನ್ನು ಅಂಗೀಕರಿಸಿದ ಸರಕಾರ ತಕ್ಷಣ ಜಾರಿಗೆ ತರಬೇಕು. ಒಳಮೀಸಲಾತಿ ಜಾರಿಯಾಗದೆ ನೇಮಕಾತಿ ಪ್ರಕ್ರಿಯೆ ಆರಂಭಿಸುವುದು ಮಾದಿಗ ಸಮುದಾಯಕ್ಕೆ ಮಾಡುವ ಅನ್ಯಾಯವಾಗಿದೆ. ಸರಕಾರ ನೇಮಕಾತಿ ಅಧಿಸೂಚನೆಯನ್ನು ತಕ್ಷಣ ಹಿಂಪಡೆಯಬೇಕು. ಇಲ್ಲದಿದ್ದಲ್ಲಿ ರಾಜ್ಯಾದ್ಯಂತ ಉಗ್ರ ಹೋರಾಟ ನಡೆಸಲಾಗುವುದು. ಮಾದಿಗ ಸಮುದಾಯದ ಸಚಿವರು, ಶಾಸಕರು ಈ ಕುರಿತು ಮುಖ್ಯಮಂತ್ರಿಗಳ ಮೇಲೆ ಒತ್ತಡ ಹೇರಬೇಕು. ದಲಿತ ಸಂಘಟನೆಗಳು, ಪ್ರಗತಿಪರರು ಹೋರಾಟಕ್ಕೆ ಬೆಂಬಲ ನೀಡಬೇಕು. ಮಾ.25ರ ಪ್ರತಿಭಟನೆಯಲ್ಲಿ ಎಲ್ಲಾ ಜಿಲ್ಲೆಗಳಲ್ಲಿ ಸಾವಿರಾರು ಸಂಖ್ಯೆಯಲ್ಲಿ ಸಮುದಾಯದ ಜನರು ಭಾಗವಹಿಸುವರು ಎಂದು ತಿಳಿಸಿದರು. ಆರ್.ಪಿ.ಐ ರಾಷ್ಟ್ರೀಯ ಅಧ್ಯಕ್ಷ ಹಾಗೂ ಡಿಎಸ್‌ಎಸ್ ನ ರಾಜ್ಯಾಧ್ಯಕ್ಷ ಡಾ.ಎನ್. ಮೂರ್ತಿ ಮಾತನಾಡಿ, ರಾಜ್ಯ ಸರಕಾರ ಒಳಮೀಸಲಾತಿ ಜಾರಿ ಮಾಡದೆ ನೇಮಕಾತಿ ಆದೇಶ ಹೊರಡಿಸಿರುವುದು ಮಾದಿಗ ಸಮುದಾಯಕ್ಕೆ ದ್ರೋಹ ಬಗೆದಂತಾಗಿದೆ. ಕೋಡಿಹಳ್ಳಿ ಆದಿ ಜಾಂಬವ ಮಠದ ಶ್ರೀಷಡಕ್ಷರಮುನಿ ದೇಶಿಕೇಂದ್ರ ಸ್ವಾಮೀಜಿ ಮಾತನಾಡಿದರು.

ಮಾಡುವುದು ಅಸಂವಿಧಾನಿಕ. ಅವೈಜ್ಞಾನಿಕ ಹಾಗೂ ಕಾನೂನು ಬಾಹಿರವಾಗಿದೆ. ಒಳ ಮೀಸಲಾತಿಯಲ್ಲಿ ಅನ್ಯಾಯಕ್ಕೆ ಒಳಗಾಗಿರುವ ಮಾದಿಗ ಸಮುದಾಯಕ್ಕೆ ಶಾಸನಾತ್ಮಕವಾಗಿ ಉದ್ಯೋಗ ನೇಮಕಾತಿಗಳಲ್ಲಿ ಒಳಮೀಸಲಾತಿ ಅಳವಡಿಸಿ 101 ಪರಿಶಿಷ್ಟ ಜಾತಿಗಳಿಗೆ ಆಯಾ ಜಾತಿಗಳ ಜನಸಂಖ್ಯೆಗನುಗುಣವಾಗಿ ಉದ್ಯೋಗ ಹಂಚಿಕೆ ಮಾಡಿ ಸಾಮಾಜಿಕ ನ್ಯಾಯ ಕಲ್ಪಿಸಬೇಕು. ಅಲ್ಲಿಯವರೆಗೆ ಯಾವುದೇ ನೇಮಕಾತಿ ಮಾಡಬಾರದು ಎಂದು ಒತ್ತಾಯಿಸಿದರು. ಸರಕಾರ ಒಳ ಮೀಸಲಾತಿ ಜಾರಿಗೆ ತಾರದೆ ನೇಮಕಾತಿ ಆರಂಭಿಸಿದರೆ ರಾಜ್ಯದ ಎಲ್ಲಾ 31 ಜಿಲ್ಲೆಗಳಲ್ಲಿ ಜಿಲ್ಲಾಧಿಕಾರಿಗಳ ಕಚೇರಿ ಮುಂದೆ ಭಾರಿ ಪ್ರತಿಭಟನೆ ನಡೆಸಲಾಗುವುದು. ಎಲ್ಲಾ ಜಿಲ್ಲೆಗಳಲ್ಲಿ ಪ್ರತಿಭಟನೆ ನಡೆಸಿ ಸರ್ಕಾರಕ್ಕೆ ಮನವಿ ಸಲ್ಲಿಸಲಾಗುವುದು. ಮುಖಂಡರಾದ ಕೇಬಲ್ ರಘು, ರಾಮಮೂರ್ತಿ, ಶಿವಕುಮಾರ್, ನರಸಿಂಹಮೂರ್ತಿ, ಜಿ.ಎಚ್. ಹನುಮಂತಪ್ಪ, ರಂಗನಾಥ್ ಸೇರಿದಂತೆ ಹಲವರು ಉಪಸ್ಥಿತರಿದ್ದರು.

ANJANADRI PRINTERS
ಅಂಜನಾದ್ರಿ ಪ್ರಿಂಟರ್ಸ್
ದಿನಪತ್ರಿಕೆ, ವಾರಪತ್ರಿಕೆ, ಪಾಕ್ಷಿಕ ಪತ್ರಿಕೆ, ಮಾಸ ಪತ್ರಿಕೆ ಮುದ್ರಣ ಮಾಡಿಕೊಡಲಾಗುತ್ತದೆ ಹಾಗೂ ವಿವಿಧ ಬಗೆಯ ಜಾಬ್ ವರ್ಕ್‌ಗಳನ್ನು ಮಾಡಿಕೊಡಲಾಗುತ್ತದೆ.
ವಿಳಾಸ: 4ನೇ ಅಡ್ಡರಸ್ತೆ, ವಿನಾಯಕ ಪೆಂಡಲ್ ಹತ್ತಿರ, ವಿನಾಯಕ ನಗರ, ತುಮಕೂರು.
ಸಂಪರ್ಕಿಸಿ: 9743340694, 9986673759
PRINTED BY: T.S KRISHNAMURTHY, ANJANADRI PRINTERS, 4th CROSS, VINAYAKA NAGARA, TUMKURU-572101. KARNATAKA. PUBLISHED BY: MANJUNATHA.P.N., S.L.N BUILDING, KEMPEGOWDA ROAD, AMARAJHOTHY NAGARA, TUMKURU DISTRIKT KARNATAKA. OWNED BY: MANJUNATHA.P.N., S.L.N BUILDING, KEMPEGOWDA ROAD, AMARAJHOTHY NAGARA, TUMKURU DISTRICT. KARNATAKA.. PRNTED AT: ANJANADRI PRINTERS, 4th CROSS, VINAYAKA NAGARA, TUMKURU-572101. KARNATAKA, PUBLISHED AT: TUMAKURU, S.L.N BUILDING, KEMPEGOWDA ROAD, AMARAJHOTHY NAGARA, TUMKURU DISTRICT. KARNATAKA. EDITOR: MANJUNATHA.P.N., S.L.N BUILDING, KEMPEGOWDA ROAD, AMARAJHOTHY NAGARA, TUMKURU DISTRICT. KARNATAKA.
